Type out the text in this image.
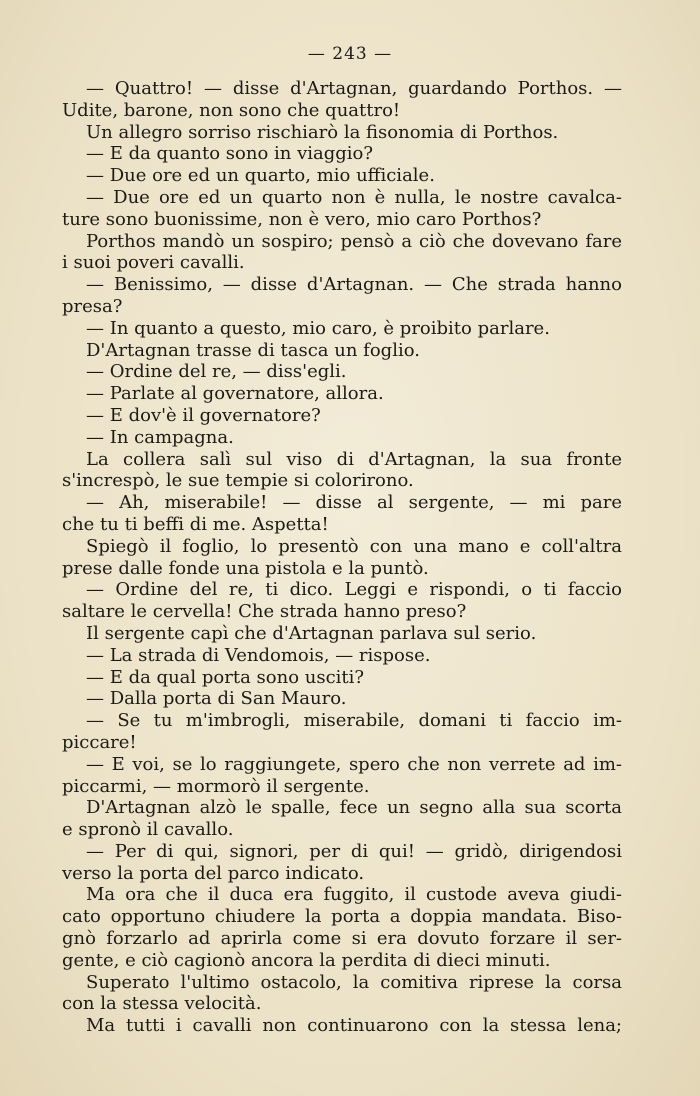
— 243 —
— Quattro! — disse d'Artagnan, guardando Porthos. —
Udite, barone, non sono che quattro!
Un allegro sorriso rischiarò la fisonomia di Porthos.
— E da quanto sono in viaggio?
— Due ore ed un quarto, mio ufficiale.
— Due ore ed un quarto non è nulla, le nostre cavalca-
ture sono buonissime, non è vero, mio caro Porthos?
Porthos mandò un sospiro; pensò a ciò che dovevano fare
i suoi poveri cavalli.
— Benissimo, — disse d'Artagnan. — Che strada hanno
presa?
— In quanto a questo, mio caro, è proibito parlare.
D'Artagnan trasse di tasca un foglio.
— Ordine del re, — diss'egli.
— Parlate al governatore, allora.
— E dov'è il governatore?
— In campagna.
La collera salì sul viso di d'Artagnan, la sua fronte
s'increspò, le sue tempie si colorirono.
— Ah, miserabile! — disse al sergente, — mi pare
che tu ti beffi di me. Aspetta!
Spiegò il foglio, lo presentò con una mano e coll'altra
prese dalle fonde una pistola e la puntò.
— Ordine del re, ti dico. Leggi e rispondi, o ti faccio
saltare le cervella! Che strada hanno preso?
Il sergente capì che d'Artagnan parlava sul serio.
— La strada di Vendomois, — rispose.
— E da qual porta sono usciti?
— Dalla porta di San Mauro.
— Se tu m'imbrogli, miserabile, domani ti faccio im-
piccare!
— E voi, se lo raggiungete, spero che non verrete ad im-
piccarmi, — mormorò il sergente.
D'Artagnan alzò le spalle, fece un segno alla sua scorta
e spronò il cavallo.
— Per di qui, signori, per di qui! — gridò, dirigendosi
verso la porta del parco indicato.
Ma ora che il duca era fuggito, il custode aveva giudi-
cato opportuno chiudere la porta a doppia mandata. Biso-
gnò forzarlo ad aprirla come si era dovuto forzare il ser-
gente, e ciò cagionò ancora la perdita di dieci minuti.
Superato l'ultimo ostacolo, la comitiva riprese la corsa
con la stessa velocità.
Ma tutti i cavalli non continuarono con la stessa lena;
